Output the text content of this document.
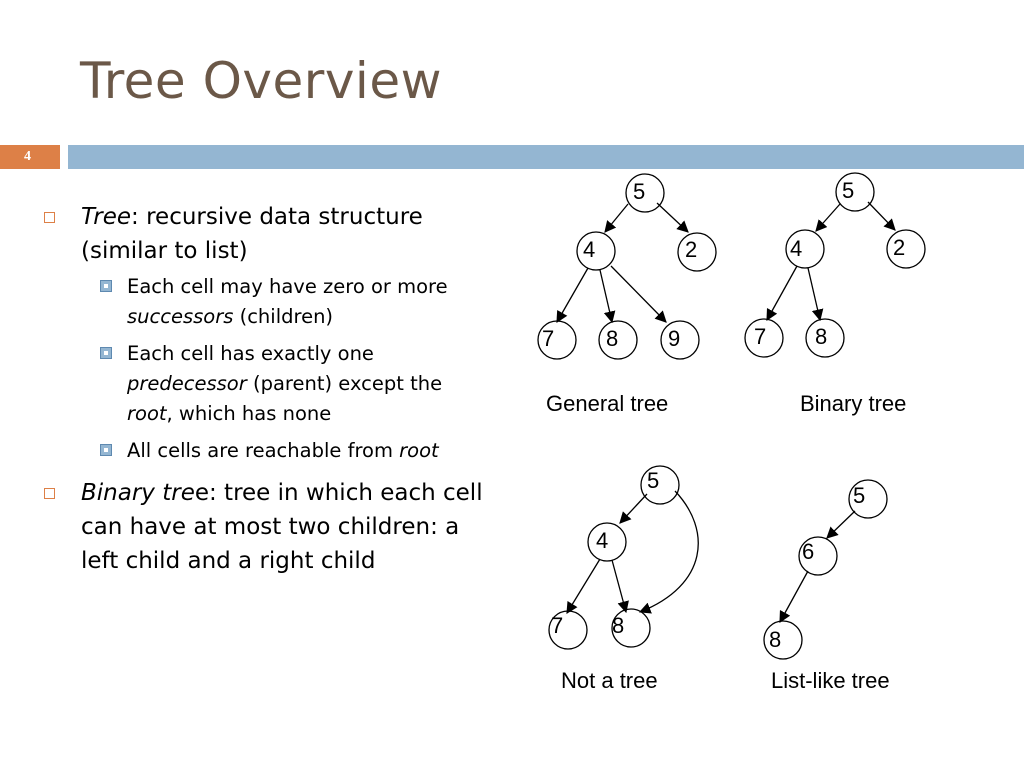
Tree Overview
4
Tree: recursive data structure (similar to list)
Each cell may have zero or more successors (children)
Each cell has exactly one predecessor (parent) except the root, which has none
All cells are reachable from root
Binary tree: tree in which each cell can have at most two children: a left child and a right child
5
4	2
7 8 9
General tree
5
4	2
7 8
Binary tree
5
4
7 8
Not a tree
5
6
8
List-like tree
